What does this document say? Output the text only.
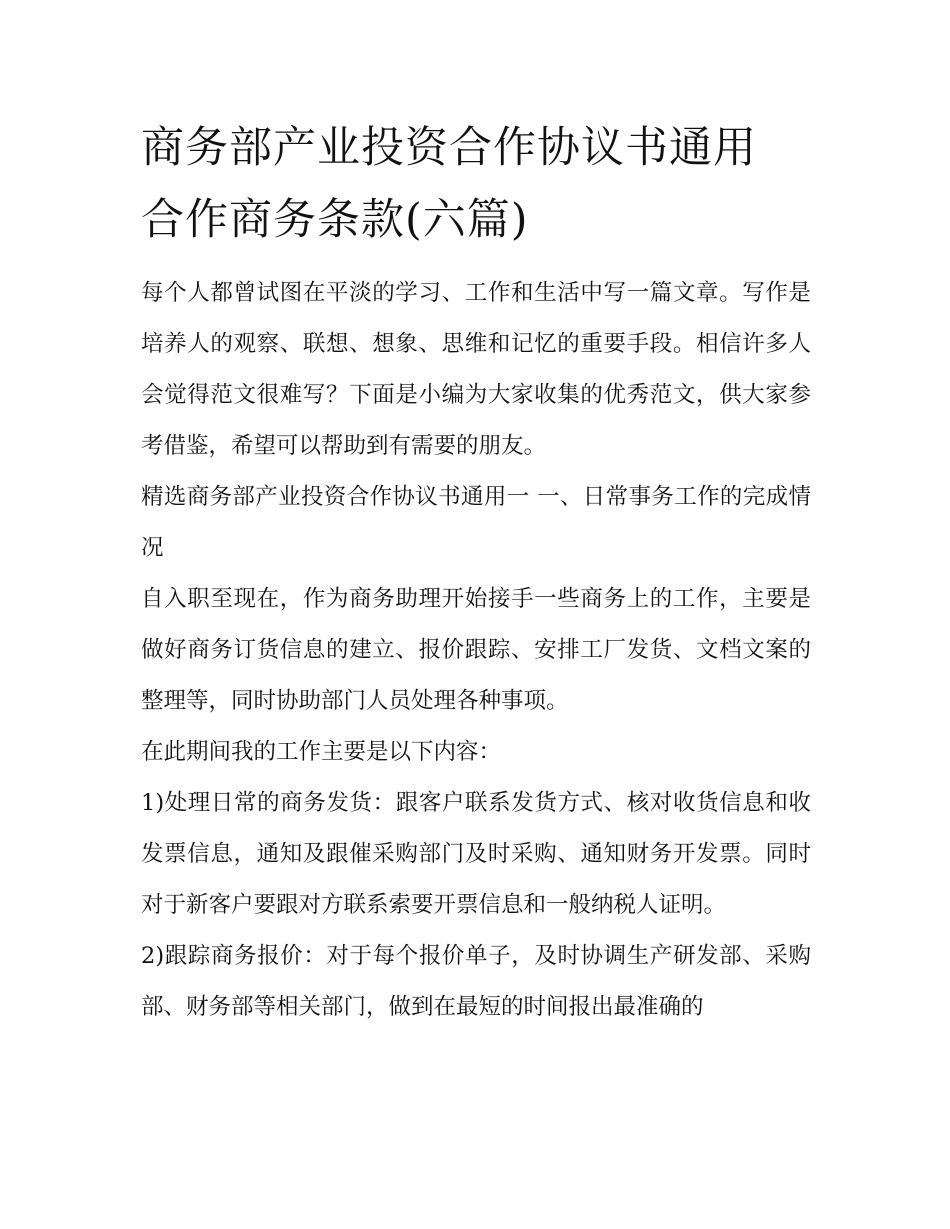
商务部产业投资合作协议书通用 合作商务条款(六篇)

每个人都曾试图在平淡的学习、工作和生活中写一篇文章。写作是培养人的观察、联想、想象、思维和记忆的重要手段。相信许多人会觉得范文很难写？下面是小编为大家收集的优秀范文，供大家参考借鉴，希望可以帮助到有需要的朋友。

精选商务部产业投资合作协议书通用一 一、日常事务工作的完成情况

自入职至现在，作为商务助理开始接手一些商务上的工作，主要是做好商务订货信息的建立、报价跟踪、安排工厂发货、文档文案的整理等，同时协助部门人员处理各种事项。

在此期间我的工作主要是以下内容：

1)处理日常的商务发货：跟客户联系发货方式、核对收货信息和收发票信息，通知及跟催采购部门及时采购、通知财务开发票。同时对于新客户要跟对方联系索要开票信息和一般纳税人证明。

2)跟踪商务报价：对于每个报价单子，及时协调生产研发部、采购部、财务部等相关部门，做到在最短的时间报出最准确的
